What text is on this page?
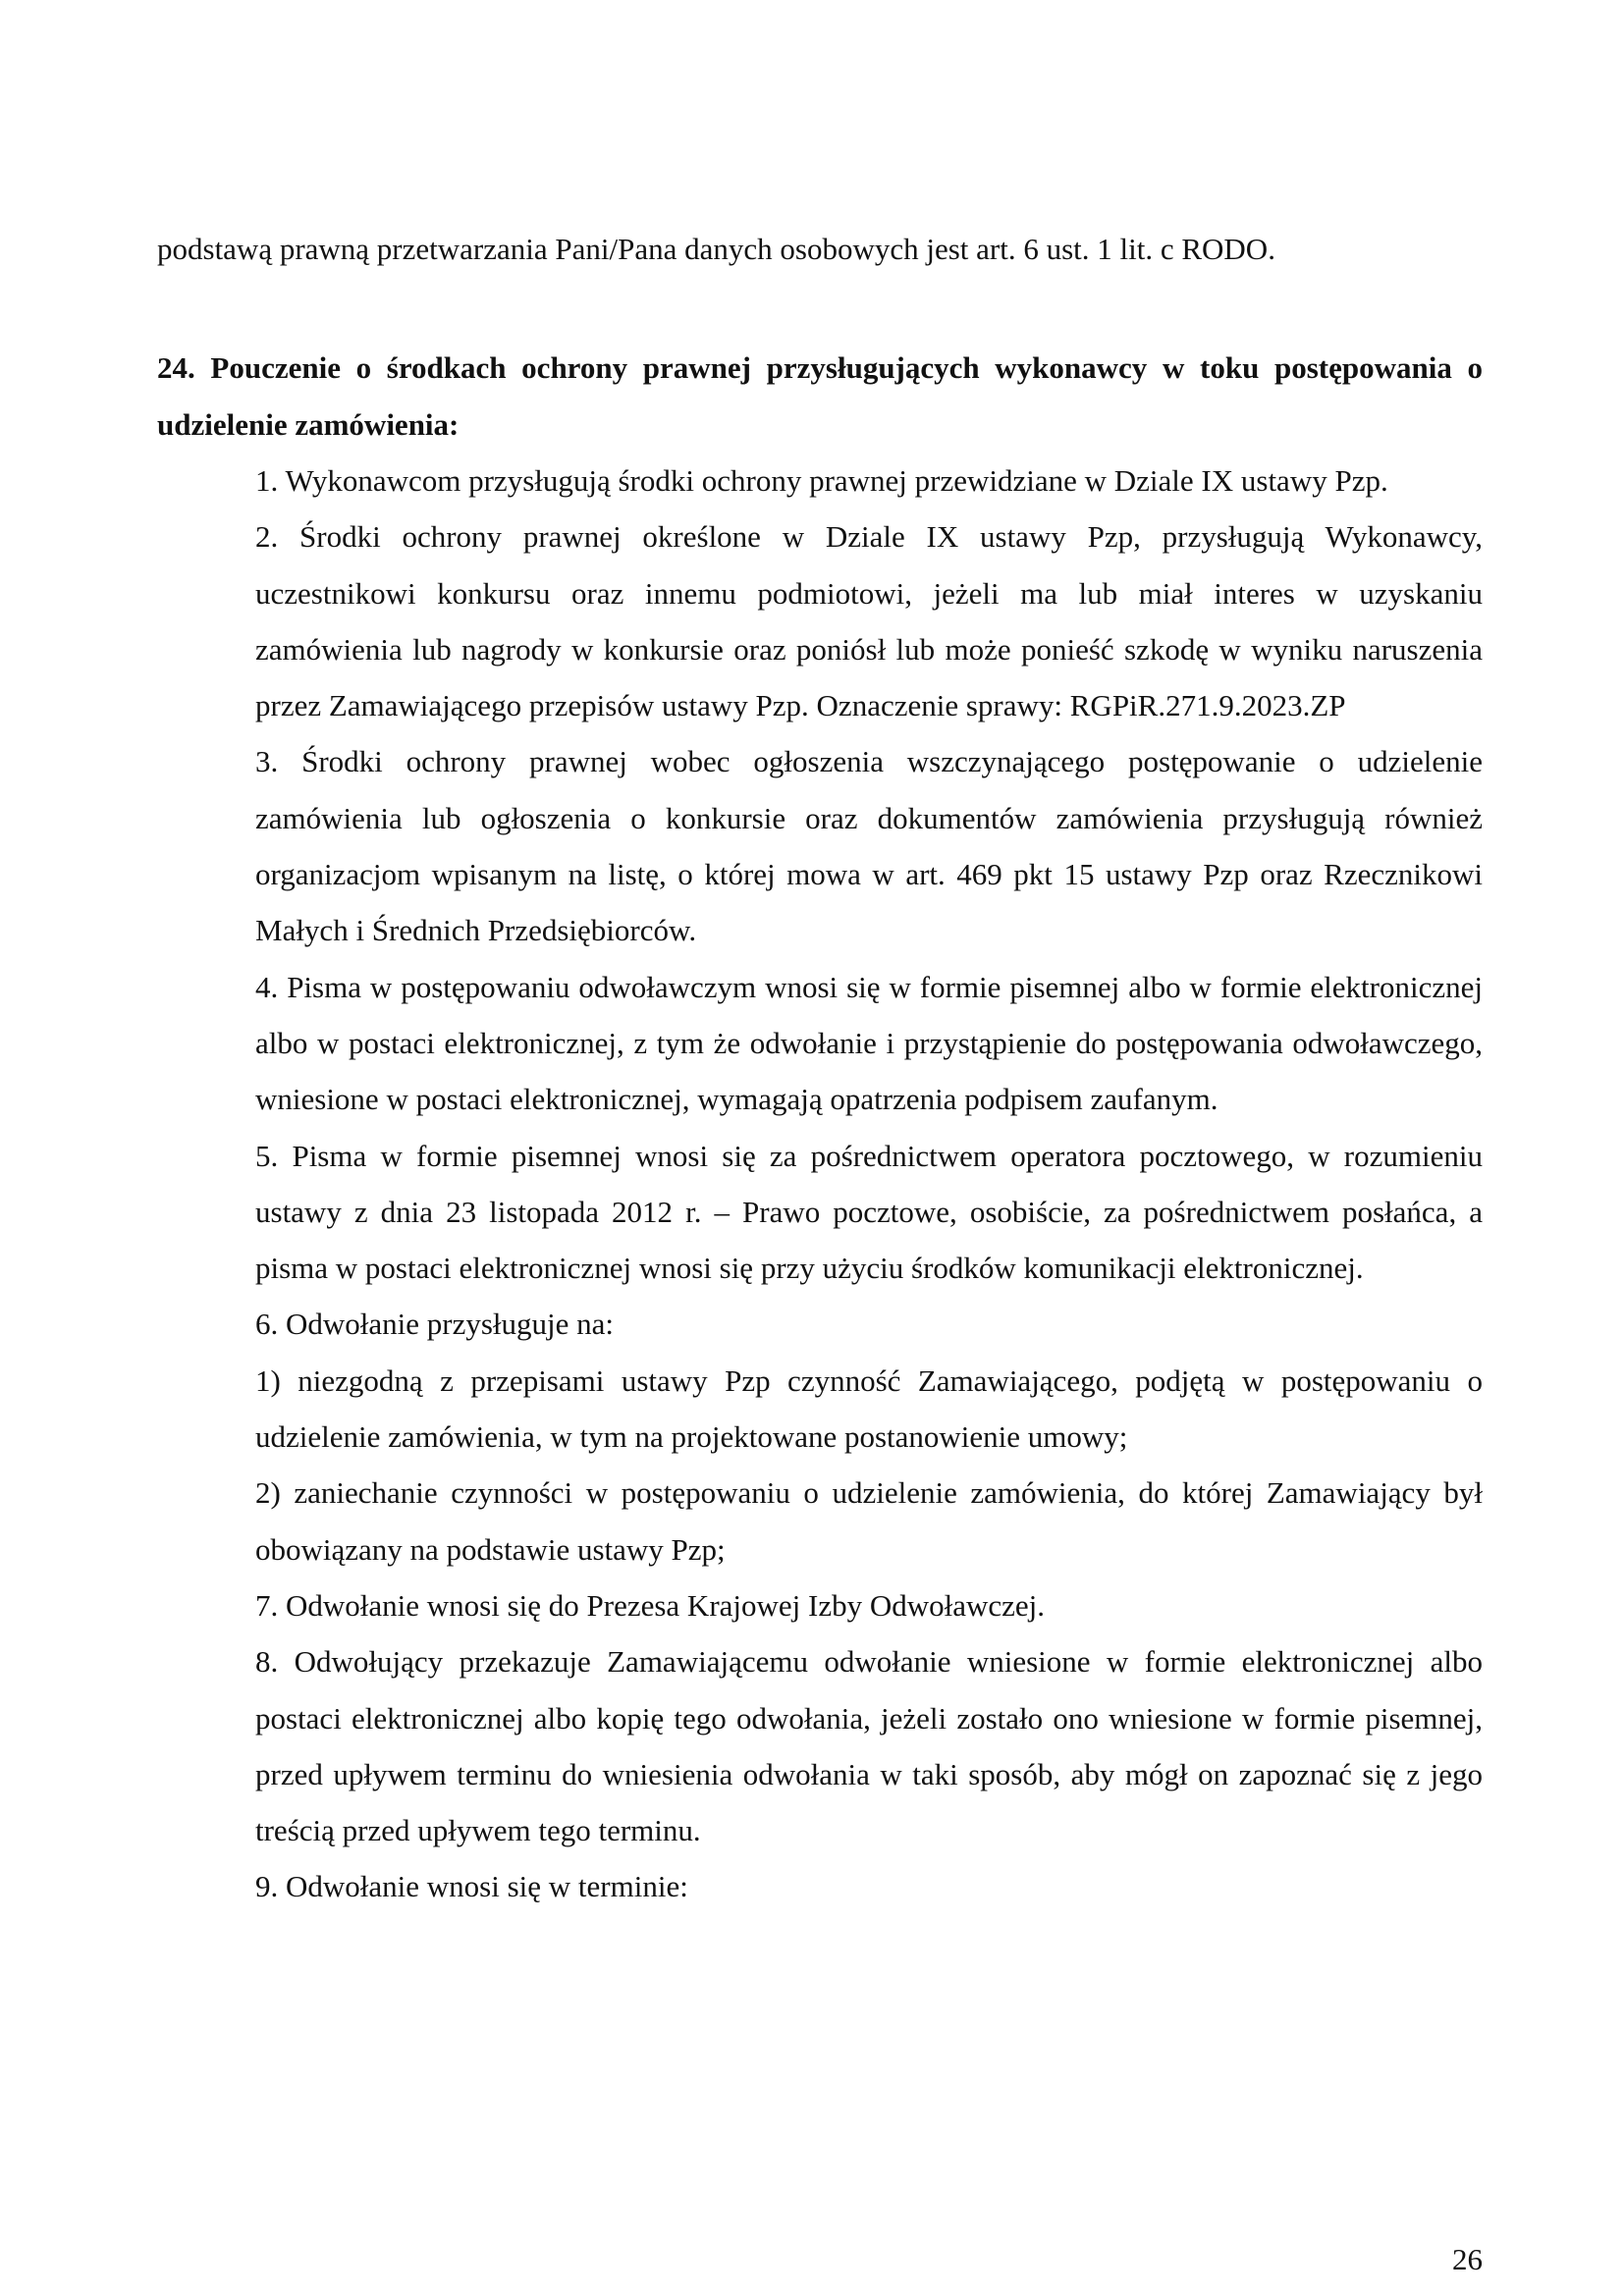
podstawą prawną przetwarzania Pani/Pana danych osobowych jest art. 6 ust. 1 lit. c RODO.
24. Pouczenie o środkach ochrony prawnej przysługujących wykonawcy w toku postępowania o udzielenie zamówienia:

1. Wykonawcom przysługują środki ochrony prawnej przewidziane w Dziale IX ustawy Pzp.

2. Środki ochrony prawnej określone w Dziale IX ustawy Pzp, przysługują Wykonawcy, uczestnikowi konkursu oraz innemu podmiotowi, jeżeli ma lub miał interes w uzyskaniu zamówienia lub nagrody w konkursie oraz poniósł lub może ponieść szkodę w wyniku naruszenia przez Zamawiającego przepisów ustawy Pzp. Oznaczenie sprawy: RGPiR.271.9.2023.ZP

3. Środki ochrony prawnej wobec ogłoszenia wszczynającego postępowanie o udzielenie zamówienia lub ogłoszenia o konkursie oraz dokumentów zamówienia przysługują również organizacjom wpisanym na listę, o której mowa w art. 469 pkt 15 ustawy Pzp oraz Rzecznikowi Małych i Średnich Przedsiębiorców.

4. Pisma w postępowaniu odwoławczym wnosi się w formie pisemnej albo w formie elektronicznej albo w postaci elektronicznej, z tym że odwołanie i przystąpienie do postępowania odwoławczego, wniesione w postaci elektronicznej, wymagają opatrzenia podpisem zaufanym.

5. Pisma w formie pisemnej wnosi się za pośrednictwem operatora pocztowego, w rozumieniu ustawy z dnia 23 listopada 2012 r. – Prawo pocztowe, osobiście, za pośrednictwem posłańca, a pisma w postaci elektronicznej wnosi się przy użyciu środków komunikacji elektronicznej.

6. Odwołanie przysługuje na:

1) niezgodną z przepisami ustawy Pzp czynność Zamawiającego, podjętą w postępowaniu o udzielenie zamówienia, w tym na projektowane postanowienie umowy;

2) zaniechanie czynności w postępowaniu o udzielenie zamówienia, do której Zamawiający był obowiązany na podstawie ustawy Pzp;

7. Odwołanie wnosi się do Prezesa Krajowej Izby Odwoławczej.

8. Odwołujący przekazuje Zamawiającemu odwołanie wniesione w formie elektronicznej albo postaci elektronicznej albo kopię tego odwołania, jeżeli zostało ono wniesione w formie pisemnej, przed upływem terminu do wniesienia odwołania w taki sposób, aby mógł on zapoznać się z jego treścią przed upływem tego terminu.

9. Odwołanie wnosi się w terminie:

26
